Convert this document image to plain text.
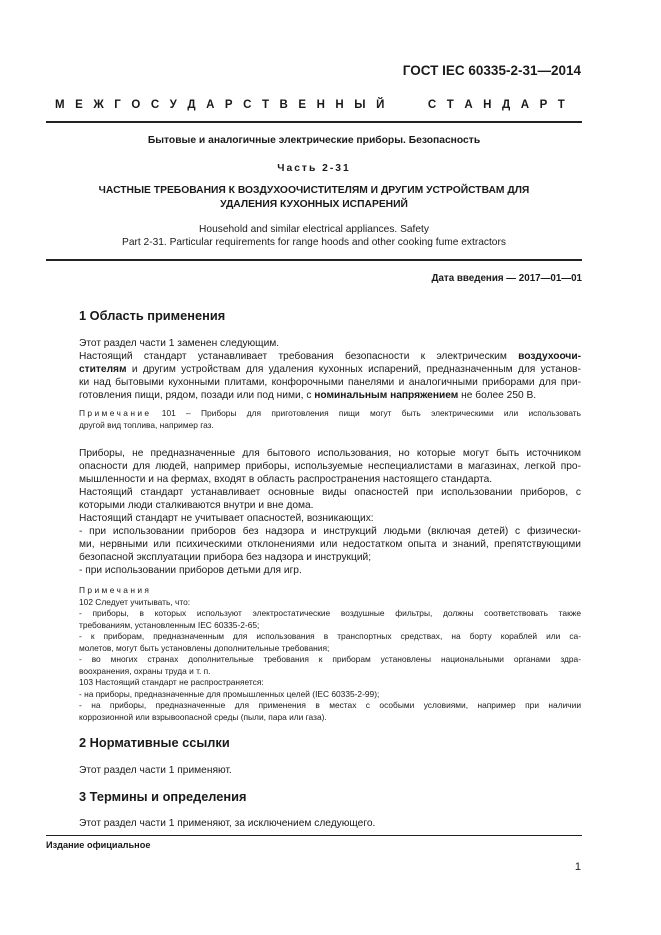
ГОСТ IEC 60335-2-31—2014
М Е Ж Г О С У Д А Р С Т В Е Н Н Ы Й	С Т А Н Д А Р Т
Бытовые и аналогичные электрические приборы. Безопасность
Часть 2-31
ЧАСТНЫЕ ТРЕБОВАНИЯ К ВОЗДУХООЧИСТИТЕЛЯМ И ДРУГИМ УСТРОЙСТВАМ ДЛЯ
УДАЛЕНИЯ КУХОННЫХ ИСПАРЕНИЙ
Household and similar electrical appliances. Safety
Part 2-31. Particular requirements for range hoods and other cooking fume extractors
Дата введения — 2017—01—01
1 Область применения
Этот раздел части 1 заменен следующим.
Настоящий стандарт устанавливает требования безопасности к электрическим воздухоочи-
стителям и другим устройствам для удаления кухонных испарений, предназначенным для установ-
ки над бытовыми кухонными плитами, конфорочными панелями и аналогичными приборами для при-
готовления пищи, рядом, позади или под ними, с номинальным напряжением не более 250 В.
Примечание 101 – Приборы для приготовления пищи могут быть электрическими или использовать
другой вид топлива, например газ.
Приборы, не предназначенные для бытового использования, но которые могут быть источником
опасности для людей, например приборы, используемые неспециалистами в магазинах, легкой про-
мышленности и на фермах, входят в область распространения настоящего стандарта.
Настоящий стандарт устанавливает основные виды опасностей при использовании приборов, с
которыми люди сталкиваются внутри и вне дома.
Настоящий стандарт не учитывает опасностей, возникающих:
- при использовании приборов без надзора и инструкций людьми (включая детей) с физически-
ми, нервными или психическими отклонениями или недостатком опыта и знаний, препятствующими
безопасной эксплуатации прибора без надзора и инструкций;
- при использовании приборов детьми для игр.
Примечания
102 Следует учитывать, что:
- приборы, в которых используют электростатические воздушные фильтры, должны соответствовать также
требованиям, установленным IEC 60335-2-65;
- к приборам, предназначенным для использования в транспортных средствах, на борту кораблей или са-
молетов, могут быть установлены дополнительные требования;
- во многих странах дополнительные требования к приборам установлены национальными органами здра-
воохранения, охраны труда и т. п.
103 Настоящий стандарт не распространяется:
- на приборы, предназначенные для промышленных целей (IEC 60335-2-99);
- на приборы, предназначенные для применения в местах с особыми условиями, например при наличии
коррозионной или взрывоопасной среды (пыли, пара или газа).
2 Нормативные ссылки
Этот раздел части 1 применяют.
3 Термины и определения
Этот раздел части 1 применяют, за исключением следующего.
Издание официальное
1
